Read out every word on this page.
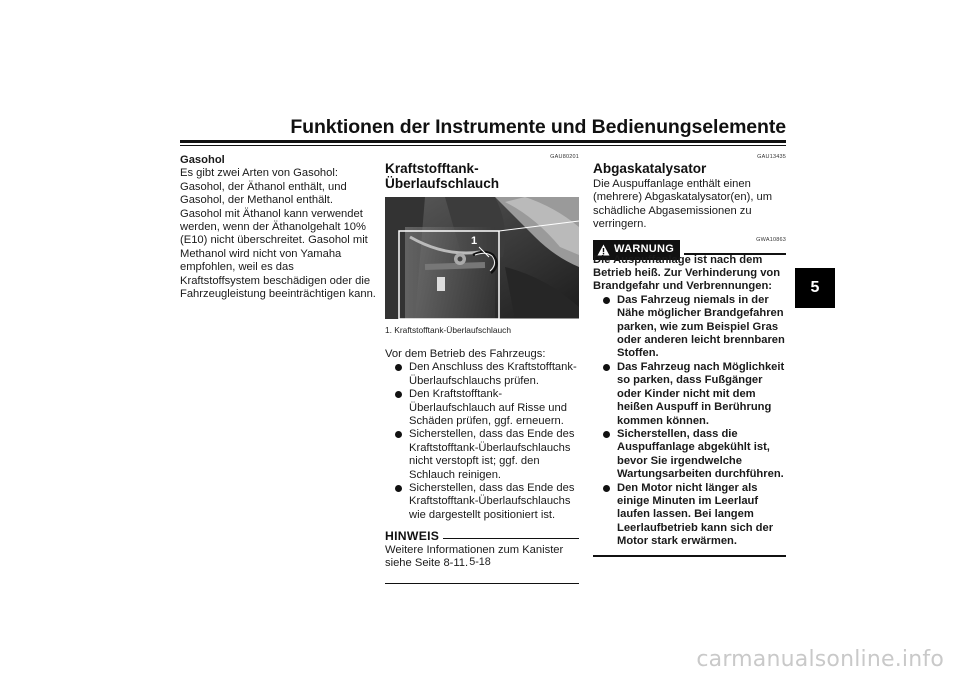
Funktionen der Instrumente und Bedienungselemente
5
Gasohol

Es gibt zwei Arten von Gasohol: Gasohol, der Äthanol enthält, und Gasohol, der Methanol enthält. Gasohol mit Äthanol kann verwendet werden, wenn der Äthanolgehalt 10% (E10) nicht überschreitet. Gasohol mit Methanol wird nicht von Yamaha empfohlen, weil es das Kraftstoffsystem beschädigen oder die Fahrzeugleistung beeinträchtigen kann.

GAU80201
Kraftstofftank-Überlaufschlauch
1
1. Kraftstofftank-Überlaufschlauch

Vor dem Betrieb des Fahrzeugs:

Den Anschluss des Kraftstofftank-Überlaufschlauchs prüfen.
Den Kraftstofftank-Überlaufschlauch auf Risse und Schäden prüfen, ggf. erneuern.
Sicherstellen, dass das Ende des Kraftstofftank-Überlaufschlauchs nicht verstopft ist; ggf. den Schlauch reinigen.
Sicherstellen, dass das Ende des Kraftstofftank-Überlaufschlauchs wie dargestellt positioniert ist.
HINWEIS

Weitere Informationen zum Kanister siehe Seite 8-11.

GAU13435
Abgaskatalysator

Die Auspuffanlage enthält einen (mehrere) Abgaskatalysator(en), um schädliche Abgasemissionen zu verringern.

WARNUNG
GWA10863

Die Auspuffanlage ist nach dem Betrieb heiß. Zur Verhinderung von Brandgefahr und Verbrennungen:

Das Fahrzeug niemals in der Nähe möglicher Brandgefahren parken, wie zum Beispiel Gras oder anderen leicht brennbaren Stoffen.
Das Fahrzeug nach Möglichkeit so parken, dass Fußgänger oder Kinder nicht mit dem heißen Auspuff in Berührung kommen können.
Sicherstellen, dass die Auspuffanlage abgekühlt ist, bevor Sie irgendwelche Wartungsarbeiten durchführen.
Den Motor nicht länger als einige Minuten im Leerlauf laufen lassen. Bei langem Leerlaufbetrieb kann sich der Motor stark erwärmen.
5-18
carmanualsonline.info
